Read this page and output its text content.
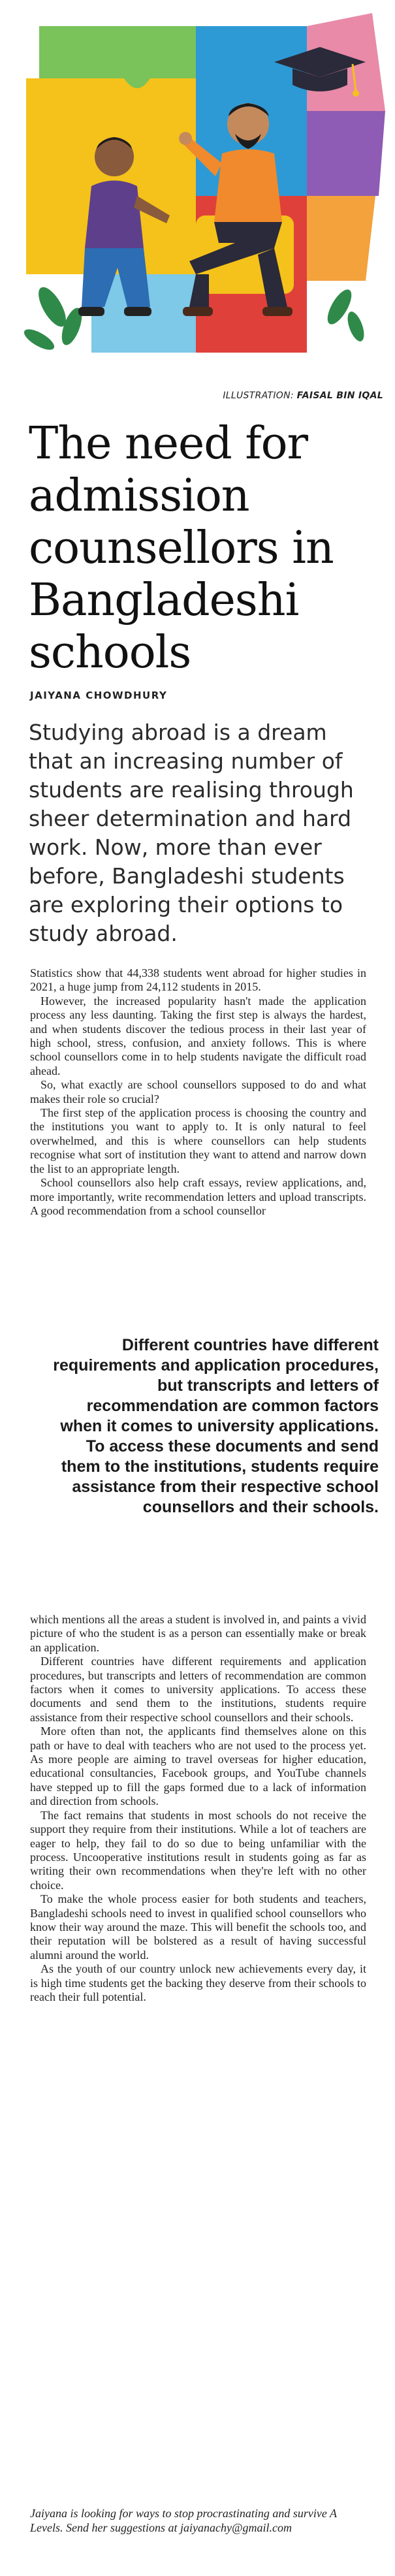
ILLUSTRATION: FAISAL BIN IQAL
The need for admission counsellors in Bangladeshi schools
JAIYANA CHOWDHURY
Studying abroad is a dream that an increasing number of students are realising through sheer determination and hard work. Now, more than ever before, Bangladeshi students are exploring their options to study abroad.

Statistics show that 44,338 students went abroad for higher studies in 2021, a huge jump from 24,112 students in 2015.

However, the increased popularity hasn't made the application process any less daunting. Taking the first step is always the hardest, and when students discover the tedious process in their last year of high school, stress, confusion, and anxiety follows. This is where school counsellors come in to help students navigate the difficult road ahead.

So, what exactly are school counsellors supposed to do and what makes their role so crucial?

The first step of the application process is choosing the country and the institutions you want to apply to. It is only natural to feel overwhelmed, and this is where counsellors can help students recognise what sort of institution they want to attend and narrow down the list to an appropriate length.

School counsellors also help craft essays, review applications, and, more importantly, write recommendation letters and upload transcripts. A good recommendation from a school counsellor

Different countries have different requirements and application procedures, but transcripts and letters of recommendation are common factors when it comes to university applications. To access these documents and send them to the institutions, students require assistance from their respective school counsellors and their schools.

which mentions all the areas a student is involved in, and paints a vivid picture of who the student is as a person can essentially make or break an application.

Different countries have different requirements and application procedures, but transcripts and letters of recommendation are common factors when it comes to university applications. To access these documents and send them to the institutions, students require assistance from their respective school counsellors and their schools.

More often than not, the applicants find themselves alone on this path or have to deal with teachers who are not used to the process yet. As more people are aiming to travel overseas for higher education, educational consultancies, Facebook groups, and YouTube channels have stepped up to fill the gaps formed due to a lack of information and direction from schools.

The fact remains that students in most schools do not receive the support they require from their institutions. While a lot of teachers are eager to help, they fail to do so due to being unfamiliar with the process. Uncooperative institutions result in students going as far as writing their own recommendations when they're left with no other choice.

To make the whole process easier for both students and teachers, Bangladeshi schools need to invest in qualified school counsellors who know their way around the maze. This will benefit the schools too, and their reputation will be bolstered as a result of having successful alumni around the world.

As the youth of our country unlock new achievements every day, it is high time students get the backing they deserve from their schools to reach their full potential.

Jaiyana is looking for ways to stop procrastinating and survive A Levels. Send her suggestions at jaiyanachy@gmail.com
